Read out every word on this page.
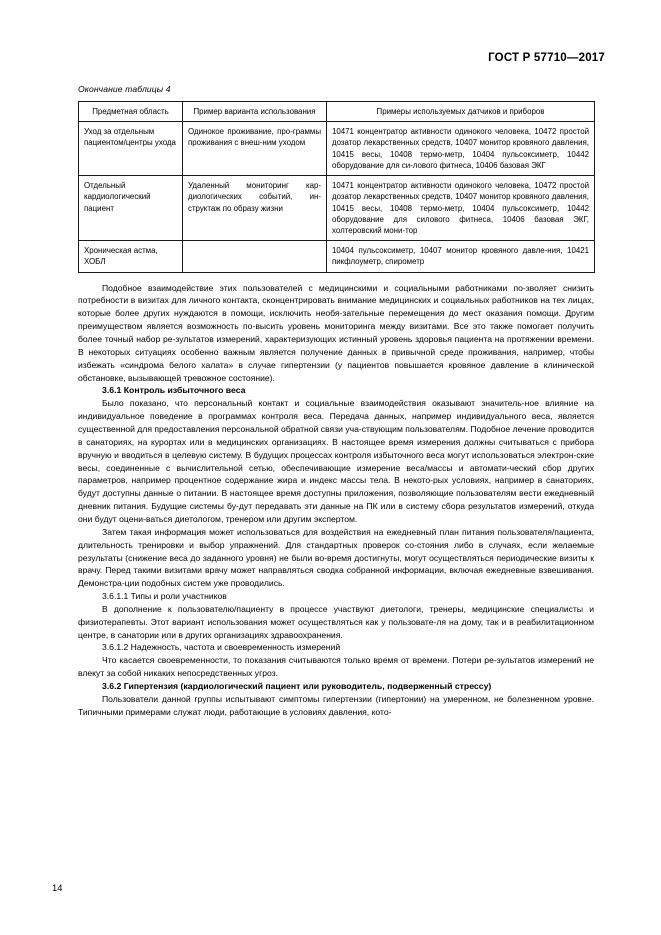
ГОСТ Р 57710—2017
Окончание таблицы 4
Предметная область	Пример варианта использования	Примеры используемых датчиков и приборов
Уход за отдельным пациентом/центры ухода	Одинокое проживание, про-граммы проживания с внеш-ним уходом	10471 концентратор активности одинокого человека, 10472 простой дозатор лекарственных средств, 10407 монитор кровяного давления, 10415 весы, 10408 термо-метр, 10404 пульсоксиметр, 10442 оборудование для си-лового фитнеса, 10406 базовая ЭКГ
Отдельный кардиологический пациент	Удаленный мониторинг кар-диологических событий, ин-структаж по образу жизни	10471 концентратор активности одинокого человека, 10472 простой дозатор лекарственных средств, 10407 монитор кровяного давления, 10415 весы, 10408 термо-метр, 10404 пульсоксиметр, 10442 оборудование для силового фитнеса, 10406 базовая ЭКГ, холтеровский мони-тор
Хроническая астма, ХОБЛ		10404 пульсоксиметр, 10407 монитор кровяного давле-ния, 10421 пикфлоуметр, спирометр

Подобное взаимодействие этих пользователей с медицинскими и социальными работниками по-зволяет снизить потребности в визитах для личного контакта, сконцентрировать внимание медицинских и социальных работников на тех лицах, которые более других нуждаются в помощи, исключить необя-зательные перемещения до мест оказания помощи. Другим преимуществом является возможность по-высить уровень мониторинга между визитами. Все это также помогает получить более точный набор ре-зультатов измерений, характеризующих истинный уровень здоровья пациента на протяжении времени. В некоторых ситуациях особенно важным является получение данных в привычной среде проживания, например, чтобы избежать «синдрома белого халата» в случае гипертензии (у пациентов повышается кровяное давление в клинической обстановке, вызывающей тревожное состояние).

3.6.1 Контроль избыточного веса

Было показано, что персональный контакт и социальные взаимодействия оказывают значитель-ное влияние на индивидуальное поведение в программах контроля веса. Передача данных, например индивидуального веса, является существенной для предоставления персональной обратной связи уча-ствующим пользователям. Подобное лечение проводится в санаториях, на курортах или в медицинских организациях. В настоящее время измерения должны считываться с прибора вручную и вводиться в целевую систему. В будущих процессах контроля избыточного веса могут использоваться электрон-ские весы, соединенные с вычислительной сетью, обеспечивающие измерение веса/массы и автомати-ческий сбор других параметров, например процентное содержание жира и индекс массы тела. В некото-рых условиях, например в санаториях, будут доступны данные о питании. В настоящее время доступны приложения, позволяющие пользователям вести ежедневный дневник питания. Будущие системы бу-дут передавать эти данные на ПК или в систему сбора результатов измерений, откуда они будут оцени-ваться диетологом, тренером или другим экспертом.

Затем такая информация может использоваться для воздействия на ежедневный план питания пользователя/пациента, длительность тренировки и выбор упражнений. Для стандартных проверок со-стояния либо в случаях, если желаемые результаты (снижение веса до заданного уровня) не были во-время достигнуты, могут осуществляться периодические визиты к врачу. Перед такими визитами врачу может направляться сводка собранной информации, включая ежедневные взвешивания. Демонстра-ции подобных систем уже проводились.

3.6.1.1 Типы и роли участников

В дополнение к пользователю/пациенту в процессе участвуют диетологи, тренеры, медицинские специалисты и физиотерапевты. Этот вариант использования может осуществляться как у пользовате-ля на дому, так и в реабилитационном центре, в санатории или в других организациях здравоохранения.

3.6.1.2 Надежность, частота и своевременность измерений

Что касается своевременности, то показания считываются только время от времени. Потери ре-зультатов измерений не влекут за собой никаких непосредственных угроз.

3.6.2 Гипертензия (кардиологический пациент или руководитель, подверженный стрессу)

Пользователи данной группы испытывают симптомы гипертензии (гипертонии) на умеренном, не болезненном уровне. Типичными примерами служат люди, работающие в условиях давления, кото-

14
